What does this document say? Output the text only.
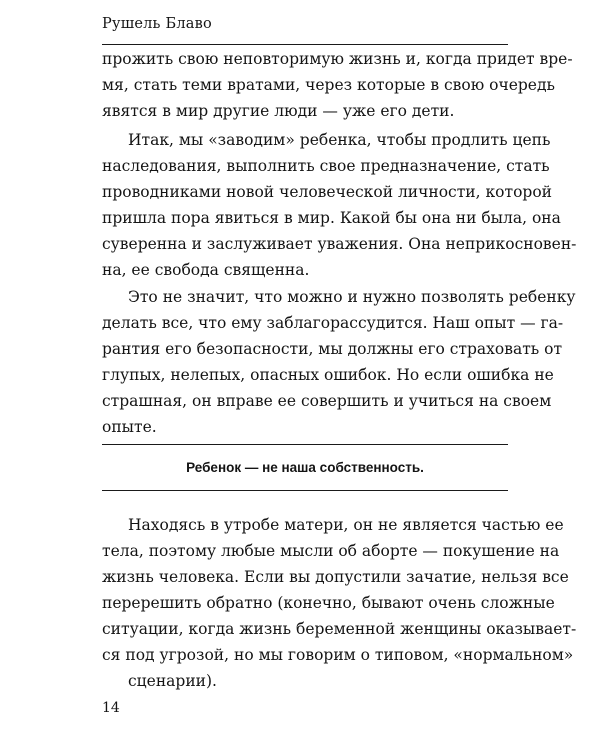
Рушель Блаво
прожить свою неповторимую жизнь и, когда придет вре-
мя, стать теми вратами, через которые в свою очередь
явятся в мир другие люди — уже его дети.
Итак, мы «заводим» ребенка, чтобы продлить цепь
наследования, выполнить свое предназначение, стать
проводниками новой человеческой личности, которой
пришла пора явиться в мир. Какой бы она ни была, она
суверенна и заслуживает уважения. Она неприкосновен-
на, ее свобода священна.
Это не значит, что можно и нужно позволять ребенку
делать все, что ему заблагорассудится. Наш опыт — га-
рантия его безопасности, мы должны его страховать от
глупых, нелепых, опасных ошибок. Но если ошибка не
страшная, он вправе ее совершить и учиться на своем
опыте.
Ребенок — не наша собственность.
Находясь в утробе матери, он не является частью ее
тела, поэтому любые мысли об аборте — покушение на
жизнь человека. Если вы допустили зачатие, нельзя все
перерешить обратно (конечно, бывают очень сложные
ситуации, когда жизнь беременной женщины оказывает-
ся под угрозой, но мы говорим о типовом, «нормальном»
сценарии).
14
